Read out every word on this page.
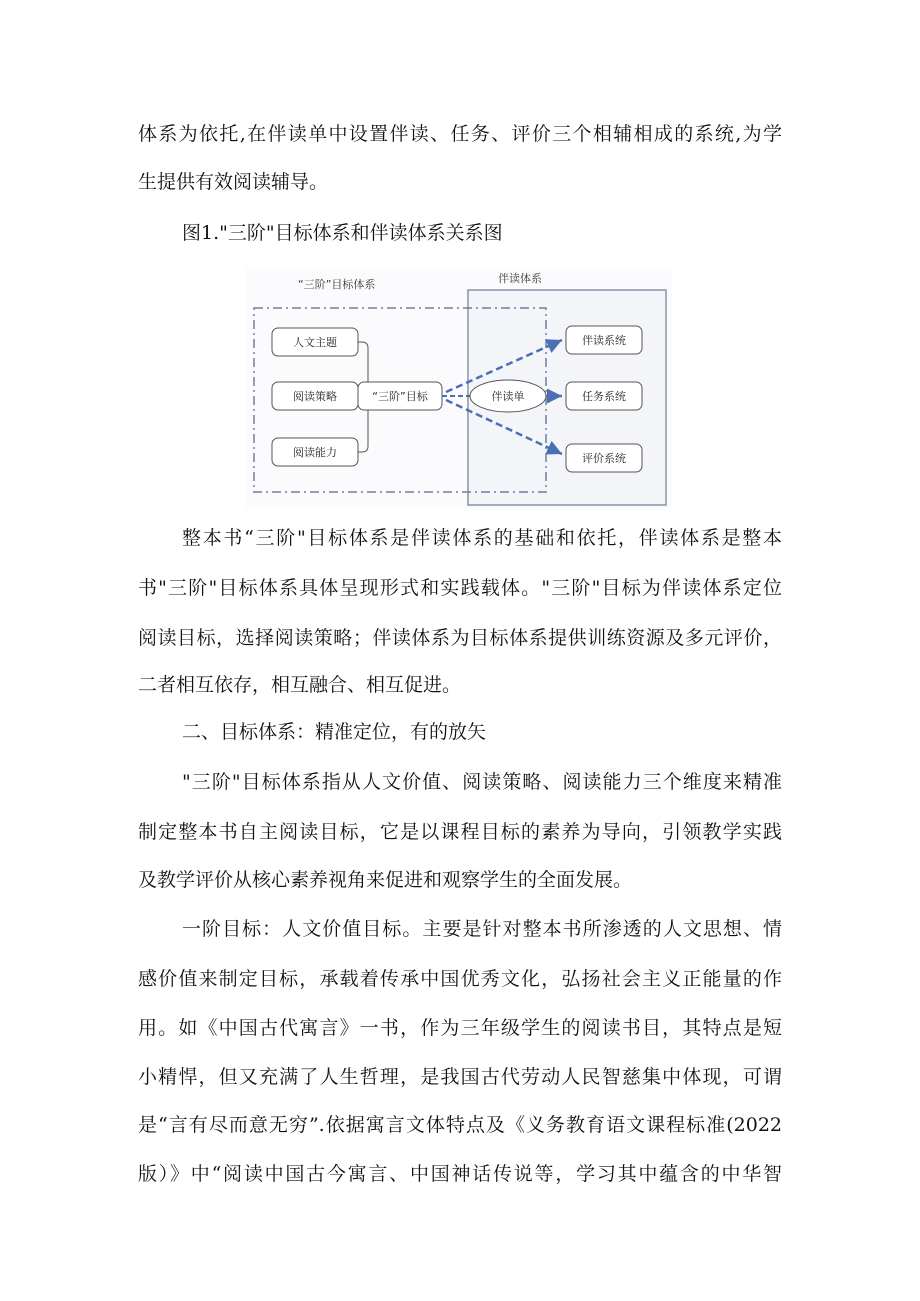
体系为依托,在伴读单中设置伴读、任务、评价三个相辅相成的系统,为学

生提供有效阅读辅导。

图1."三阶"目标体系和伴读体系关系图

伴读体系
“三阶”目标体系
人文主题
阅读策略
阅读能力
“三阶”目标	伴读单
伴读系统
任务系统
评价系统

整本书“三阶"目标体系是伴读体系的基础和依托，伴读体系是整本

书"三阶"目标体系具体呈现形式和实践载体。"三阶"目标为伴读体系定位

阅读目标，选择阅读策略；伴读体系为目标体系提供训练资源及多元评价，

二者相互依存，相互融合、相互促进。

二、目标体系：精准定位，有的放矢

"三阶"目标体系指从人文价值、阅读策略、阅读能力三个维度来精准

制定整本书自主阅读目标，它是以课程目标的素养为导向，引领教学实践

及教学评价从核心素养视角来促进和观察学生的全面发展。

一阶目标：人文价值目标。主要是针对整本书所渗透的人文思想、情

感价值来制定目标，承载着传承中国优秀文化，弘扬社会主义正能量的作

用。如《中国古代寓言》一书，作为三年级学生的阅读书目，其特点是短

小精悍，但又充满了人生哲理，是我国古代劳动人民智慈集中体现，可谓

是“言有尽而意无穷”.依据寓言文体特点及《义务教育语文课程标准(2022

版）》中“阅读中国古今寓言、中国神话传说等，学习其中蕴含的中华智
